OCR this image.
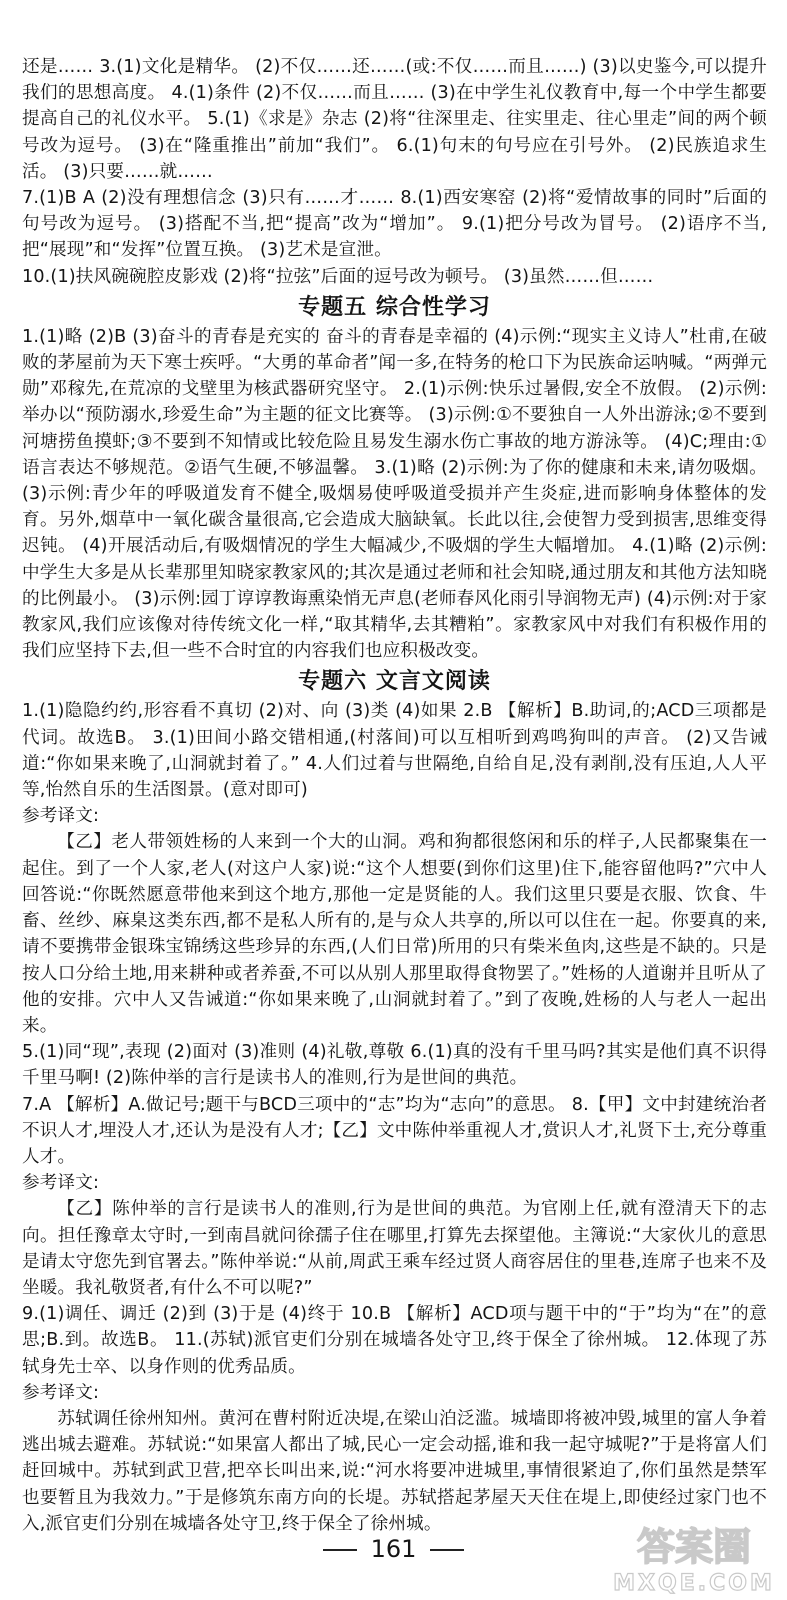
还是…… 3.(1)文化是精华。 (2)不仅……还……(或:不仅……而且……) (3)以史鉴今,可以提升我们的思想高度。 4.(1)条件 (2)不仅……而且…… (3)在中学生礼仪教育中,每一个中学生都要提高自己的礼仪水平。 5.(1)《求是》杂志 (2)将“往深里走、往实里走、往心里走”间的两个顿号改为逗号。 (3)在“隆重推出”前加“我们”。 6.(1)句末的句号应在引号外。 (2)民族追求生活。 (3)只要……就……

7.(1)B A (2)没有理想信念 (3)只有……才…… 8.(1)西安寒窑 (2)将“爱情故事的同时”后面的句号改为逗号。 (3)搭配不当,把“提高”改为“增加”。 9.(1)把分号改为冒号。 (2)语序不当,把“展现”和“发挥”位置互换。 (3)艺术是宣泄。

10.(1)扶风碗碗腔皮影戏 (2)将“拉弦”后面的逗号改为顿号。 (3)虽然……但……

专题五 综合性学习

1.(1)略 (2)B (3)奋斗的青春是充实的 奋斗的青春是幸福的 (4)示例:“现实主义诗人”杜甫,在破败的茅屋前为天下寒士疾呼。“大勇的革命者”闻一多,在特务的枪口下为民族命运呐喊。“两弹元勋”邓稼先,在荒凉的戈壁里为核武器研究坚守。 2.(1)示例:快乐过暑假,安全不放假。 (2)示例:举办以“预防溺水,珍爱生命”为主题的征文比赛等。 (3)示例:①不要独自一人外出游泳;②不要到河塘捞鱼摸虾;③不要到不知情或比较危险且易发生溺水伤亡事故的地方游泳等。 (4)C;理由:①语言表达不够规范。②语气生硬,不够温馨。 3.(1)略 (2)示例:为了你的健康和未来,请勿吸烟。 (3)示例:青少年的呼吸道发育不健全,吸烟易使呼吸道受损并产生炎症,进而影响身体整体的发育。另外,烟草中一氧化碳含量很高,它会造成大脑缺氧。长此以往,会使智力受到损害,思维变得迟钝。 (4)开展活动后,有吸烟情况的学生大幅减少,不吸烟的学生大幅增加。 4.(1)略 (2)示例:中学生大多是从长辈那里知晓家教家风的;其次是通过老师和社会知晓,通过朋友和其他方法知晓的比例最小。 (3)示例:园丁谆谆教诲熏染悄无声息(老师春风化雨引导润物无声) (4)示例:对于家教家风,我们应该像对待传统文化一样,“取其精华,去其糟粕”。家教家风中对我们有积极作用的我们应坚持下去,但一些不合时宜的内容我们也应积极改变。

专题六 文言文阅读

1.(1)隐隐约约,形容看不真切 (2)对、向 (3)类 (4)如果 2.B 【解析】B.助词,的;ACD三项都是代词。故选B。 3.(1)田间小路交错相通,(村落间)可以互相听到鸡鸣狗叫的声音。 (2)又告诫道:“你如果来晚了,山洞就封着了。” 4.人们过着与世隔绝,自给自足,没有剥削,没有压迫,人人平等,怡然自乐的生活图景。(意对即可)

参考译文:

【乙】老人带领姓杨的人来到一个大的山洞。鸡和狗都很悠闲和乐的样子,人民都聚集在一起住。到了一个人家,老人(对这户人家)说:“这个人想要(到你们这里)住下,能容留他吗?”穴中人回答说:“你既然愿意带他来到这个地方,那他一定是贤能的人。我们这里只要是衣服、饮食、牛畜、丝纱、麻臬这类东西,都不是私人所有的,是与众人共享的,所以可以住在一起。你要真的来,请不要携带金银珠宝锦绣这些珍异的东西,(人们日常)所用的只有柴米鱼肉,这些是不缺的。只是按人口分给土地,用来耕种或者养蚕,不可以从别人那里取得食物罢了。”姓杨的人道谢并且听从了他的安排。穴中人又告诫道:“你如果来晚了,山洞就封着了。”到了夜晚,姓杨的人与老人一起出来。

5.(1)同“现”,表现 (2)面对 (3)准则 (4)礼敬,尊敬 6.(1)真的没有千里马吗?其实是他们真不识得千里马啊! (2)陈仲举的言行是读书人的准则,行为是世间的典范。

7.A 【解析】A.做记号;题干与BCD三项中的“志”均为“志向”的意思。 8.【甲】文中封建统治者不识人才,埋没人才,还认为是没有人才;【乙】文中陈仲举重视人才,赏识人才,礼贤下士,充分尊重人才。

参考译文:

【乙】陈仲举的言行是读书人的准则,行为是世间的典范。为官刚上任,就有澄清天下的志向。担任豫章太守时,一到南昌就问徐孺子住在哪里,打算先去探望他。主簿说:“大家伙儿的意思是请太守您先到官署去。”陈仲举说:“从前,周武王乘车经过贤人商容居住的里巷,连席子也来不及坐暖。我礼敬贤者,有什么不可以呢?”

9.(1)调任、调迁 (2)到 (3)于是 (4)终于 10.B 【解析】ACD项与题干中的“于”均为“在”的意思;B.到。故选B。 11.(苏轼)派官吏们分别在城墙各处守卫,终于保全了徐州城。 12.体现了苏轼身先士卒、以身作则的优秀品质。

参考译文:

苏轼调任徐州知州。黄河在曹村附近决堤,在梁山泊泛滥。城墙即将被冲毁,城里的富人争着逃出城去避难。苏轼说:“如果富人都出了城,民心一定会动摇,谁和我一起守城呢?”于是将富人们赶回城中。苏轼到武卫营,把卒长叫出来,说:“河水将要冲进城里,事情很紧迫了,你们虽然是禁军也要暂且为我效力。”于是修筑东南方向的长堤。苏轼搭起茅屋天天住在堤上,即使经过家门也不入,派官吏们分别在城墙各处守卫,终于保全了徐州城。

161	答案圈
MXQE.COM
